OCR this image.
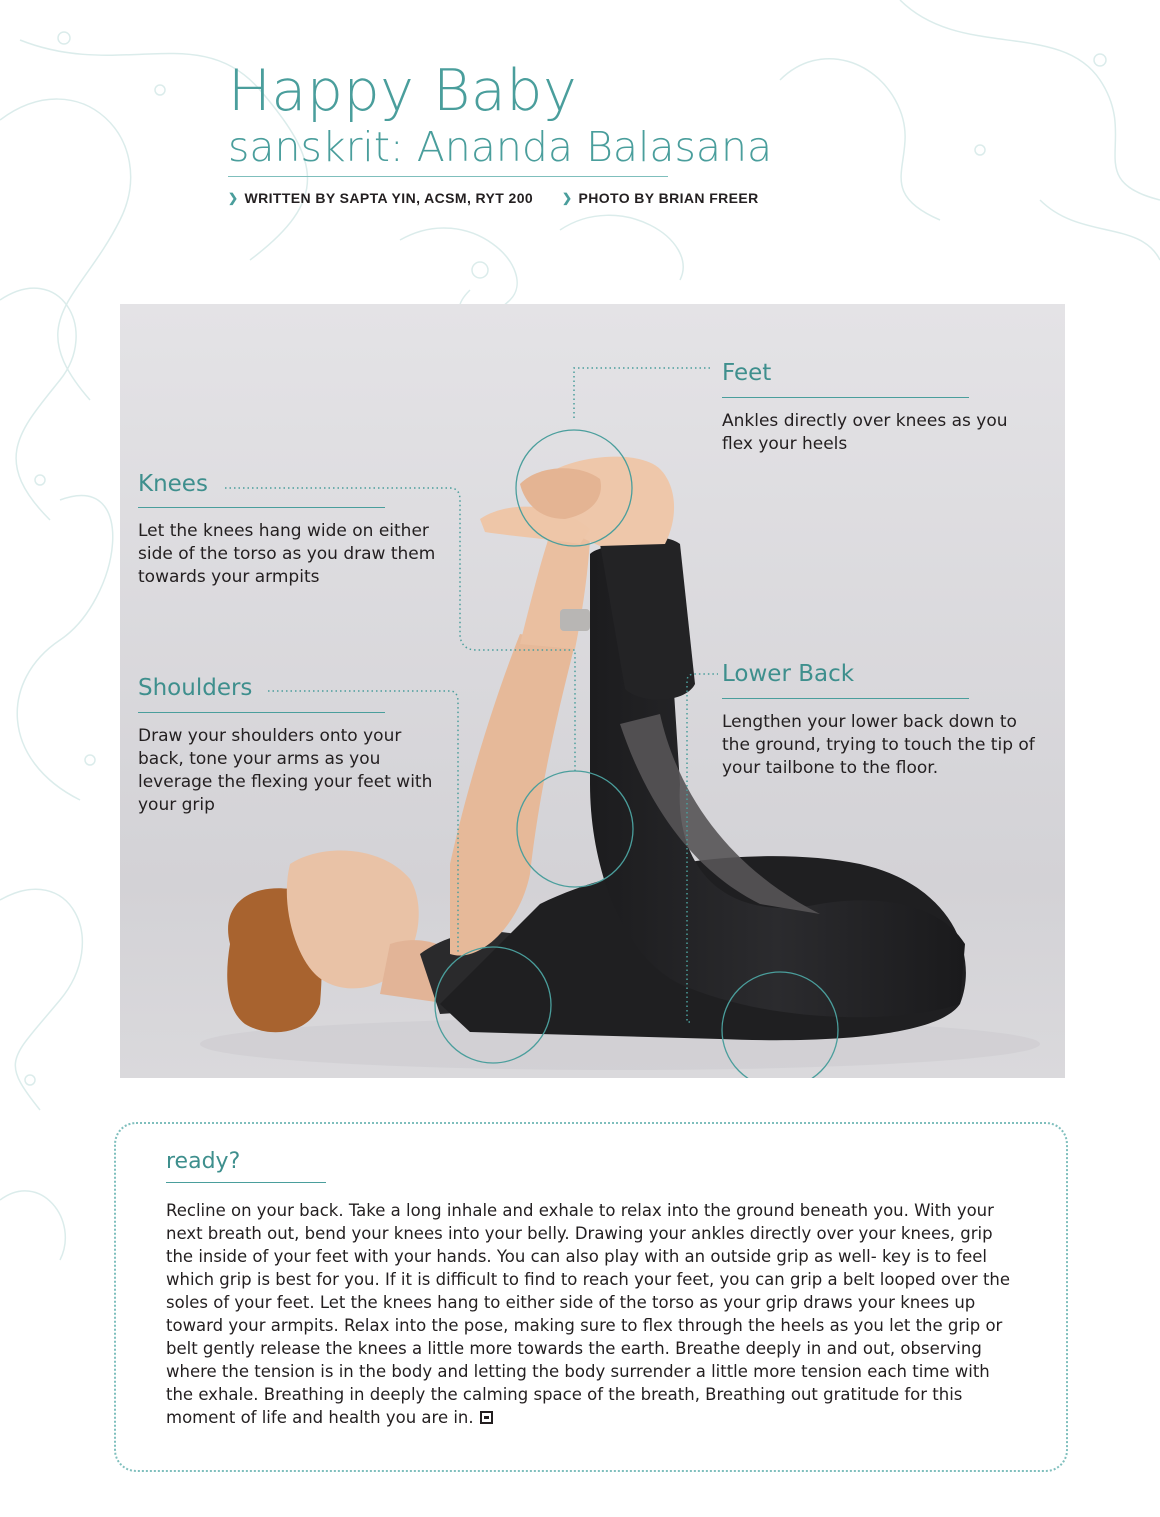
Happy Baby
sanskrit: Ananda Balasana
❯ WRITTEN BY SAPTA YIN, ACSM, RYT 200 ❯ PHOTO BY BRIAN FREER
Feet

Ankles directly over knees as you flex your heels

Knees

Let the knees hang wide on either side of the torso as you draw them towards your armpits

Shoulders

Draw your shoulders onto your back, tone your arms as you leverage the flexing your feet with your grip

Lower Back

Lengthen your lower back down to the ground, trying to touch the tip of your tailbone to the floor.

ready?

Recline on your back. Take a long inhale and exhale to relax into the ground beneath you. With your next breath out, bend your knees into your belly. Drawing your ankles directly over your knees, grip the inside of your feet with your hands. You can also play with an outside grip as well- key is to feel which grip is best for you. If it is difficult to find to reach your feet, you can grip a belt looped over the soles of your feet. Let the knees hang to either side of the torso as your grip draws your knees up toward your armpits. Relax into the pose, making sure to flex through the heels as you let the grip or belt gently release the knees a little more towards the earth. Breathe deeply in and out, observing where the tension is in the body and letting the body surrender a little more tension each time with the exhale. Breathing in deeply the calming space of the breath, Breathing out gratitude for this moment of life and health you are in.
